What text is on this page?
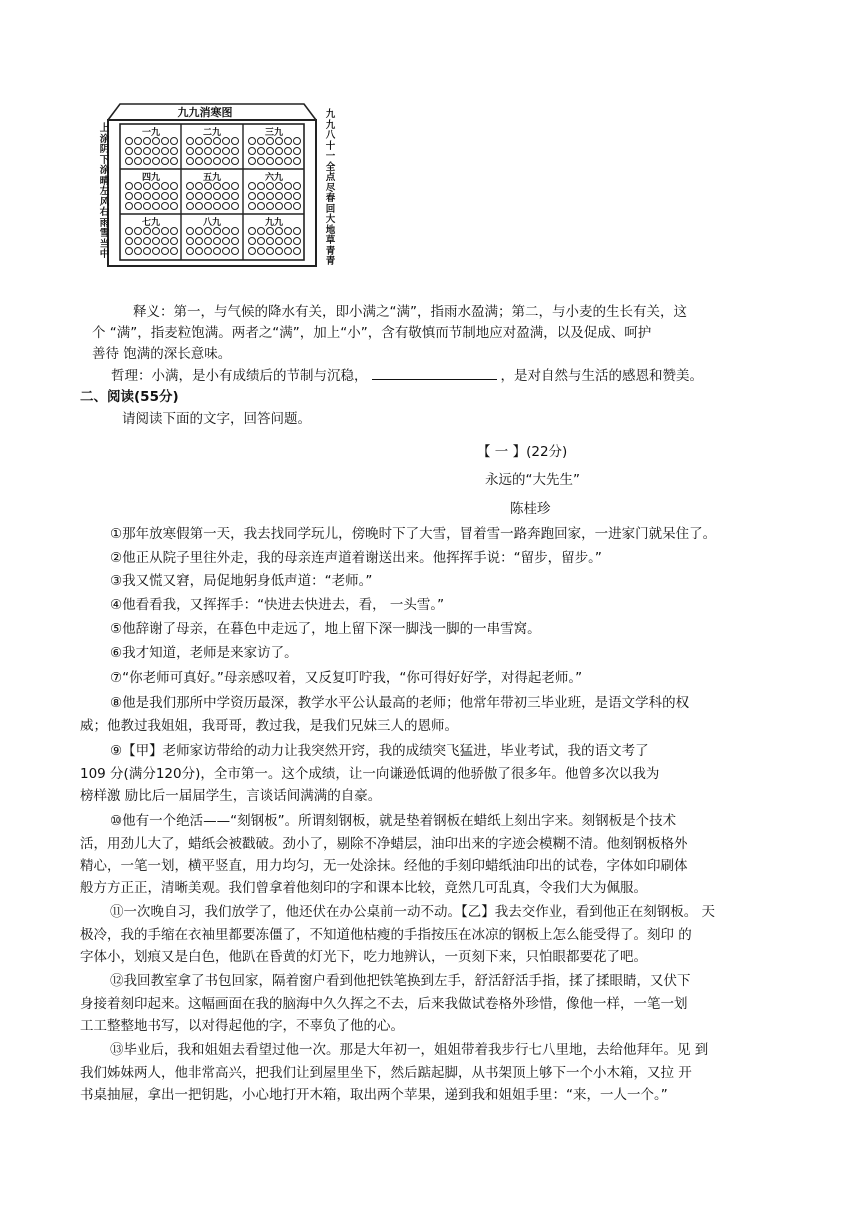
九九消寒图
上涂阴下涂晴左风右雨雪当中
九九八十一全点尽春回大地草青青
一九	二九	三九
四九	五九	六九
七九	八九	九九
释义：第一，与气候的降水有关，即小满之“满”，指雨水盈满；第二，与小麦的生长有关，这
个 “满”，指麦粒饱满。两者之“满”，加上“小”，含有敬慎而节制地应对盈满，以及促成、呵护
善待 饱满的深长意味。
哲理：小满，是小有成绩后的节制与沉稳，	，是对自然与生活的感恩和赞美。
二、阅读(55分)
请阅读下面的文字，回答问题。
【 一 】(22分)
永远的“大先生”
陈桂珍
①那年放寒假第一天，我去找同学玩儿，傍晚时下了大雪，冒着雪一路奔跑回家，一进家门就呆住了。
②他正从院子里往外走，我的母亲连声道着谢送出来。他挥挥手说：“留步，留步。”
③我又慌又窘，局促地躬身低声道：“老师。”
④他看看我，又挥挥手：“快进去快进去，看， 一头雪。”
⑤他辞谢了母亲，在暮色中走远了，地上留下深一脚浅一脚的一串雪窝。
⑥我才知道，老师是来家访了。
⑦“你老师可真好。”母亲感叹着，又反复叮咛我，“你可得好好学，对得起老师。”
⑧他是我们那所中学资历最深，教学水平公认最高的老师；他常年带初三毕业班，是语文学科的权
威；他教过我姐姐，我哥哥，教过我，是我们兄妹三人的恩师。
⑨【甲】老师家访带给的动力让我突然开窍，我的成绩突飞猛进，毕业考试，我的语文考了
109 分(满分120分)，全市第一。这个成绩，让一向谦逊低调的他骄傲了很多年。他曾多次以我为
榜样激 励比后一届届学生，言谈话间满满的自豪。
⑩他有一个绝活——“刻钢板”。所谓刻钢板，就是垫着钢板在蜡纸上刻出字来。刻钢板是个技术
活，用劲儿大了，蜡纸会被戳破。劲小了，剔除不净蜡层，油印出来的字迹会模糊不清。他刻钢板格外
精心，一笔一划，横平竖直，用力均匀，无一处涂抹。经他的手刻印蜡纸油印出的试卷，字体如印刷体
般方方正正，清晰美观。我们曾拿着他刻印的字和课本比较，竟然几可乱真，令我们大为佩服。
⑪一次晚自习，我们放学了，他还伏在办公桌前一动不动。【乙】我去交作业，看到他正在刻钢板。 天
极冷，我的手缩在衣袖里都要冻僵了，不知道他枯瘦的手指按压在冰凉的钢板上怎么能受得了。刻印 的
字体小，划痕又是白色，他趴在昏黄的灯光下，吃力地辨认，一页刻下来，只怕眼都要花了吧。
⑫我回教室拿了书包回家，隔着窗户看到他把铁笔换到左手，舒活舒活手指，揉了揉眼睛，又伏下
身接着刻印起来。这幅画面在我的脑海中久久挥之不去，后来我做试卷格外珍惜，像他一样，一笔一划
工工整整地书写，以对得起他的字，不辜负了他的心。
⑬毕业后，我和姐姐去看望过他一次。那是大年初一，姐姐带着我步行七八里地，去给他拜年。见 到
我们姊妹两人，他非常高兴，把我们让到屋里坐下，然后踮起脚，从书架顶上够下一个小木箱，又拉 开
书桌抽屉，拿出一把钥匙，小心地打开木箱，取出两个苹果，递到我和姐姐手里：“来，一人一个。”
